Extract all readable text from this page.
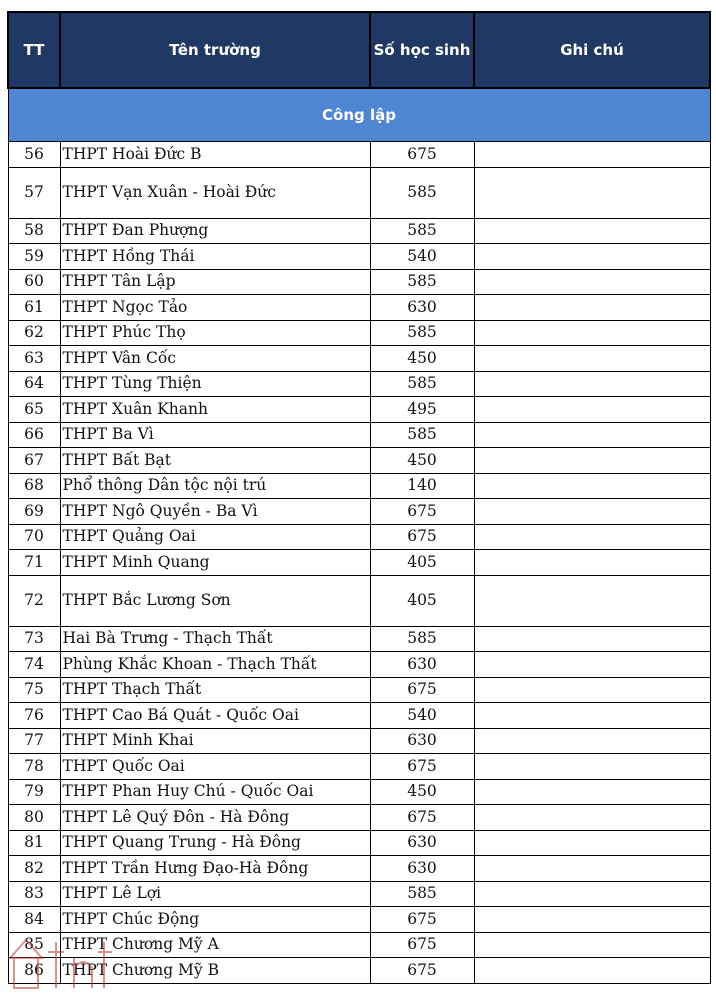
TT	Tên trường	Số học sinh	Ghi chú
Công lập			
56	THPT Hoài Đức B	675	
57	THPT Vạn Xuân - Hoài Đức	585	
58	THPT Đan Phượng	585	
59	THPT Hồng Thái	540	
60	THPT Tân Lập	585	
61	THPT Ngọc Tảo	630	
62	THPT Phúc Thọ	585	
63	THPT Vân Cốc	450	
64	THPT Tùng Thiện	585	
65	THPT Xuân Khanh	495	
66	THPT Ba Vì	585	
67	THPT Bất Bạt	450	
68	Phổ thông Dân tộc nội trú	140	
69	THPT Ngô Quyền - Ba Vì	675	
70	THPT Quảng Oai	675	
71	THPT Minh Quang	405	
72	THPT Bắc Lương Sơn	405	
73	Hai Bà Trưng - Thạch Thất	585	
74	Phùng Khắc Khoan - Thạch Thất	630	
75	THPT Thạch Thất	675	
76	THPT Cao Bá Quát - Quốc Oai	540	
77	THPT Minh Khai	630	
78	THPT Quốc Oai	675	
79	THPT Phan Huy Chú - Quốc Oai	450	
80	THPT Lê Quý Đôn - Hà Đông	675	
81	THPT Quang Trung - Hà Đông	630	
82	THPT Trần Hưng Đạo-Hà Đông	630	
83	THPT Lê Lợi	585	
84	THPT Chúc Động	675	
85	THPT Chương Mỹ A	675	
86	THPT Chương Mỹ B	675	
